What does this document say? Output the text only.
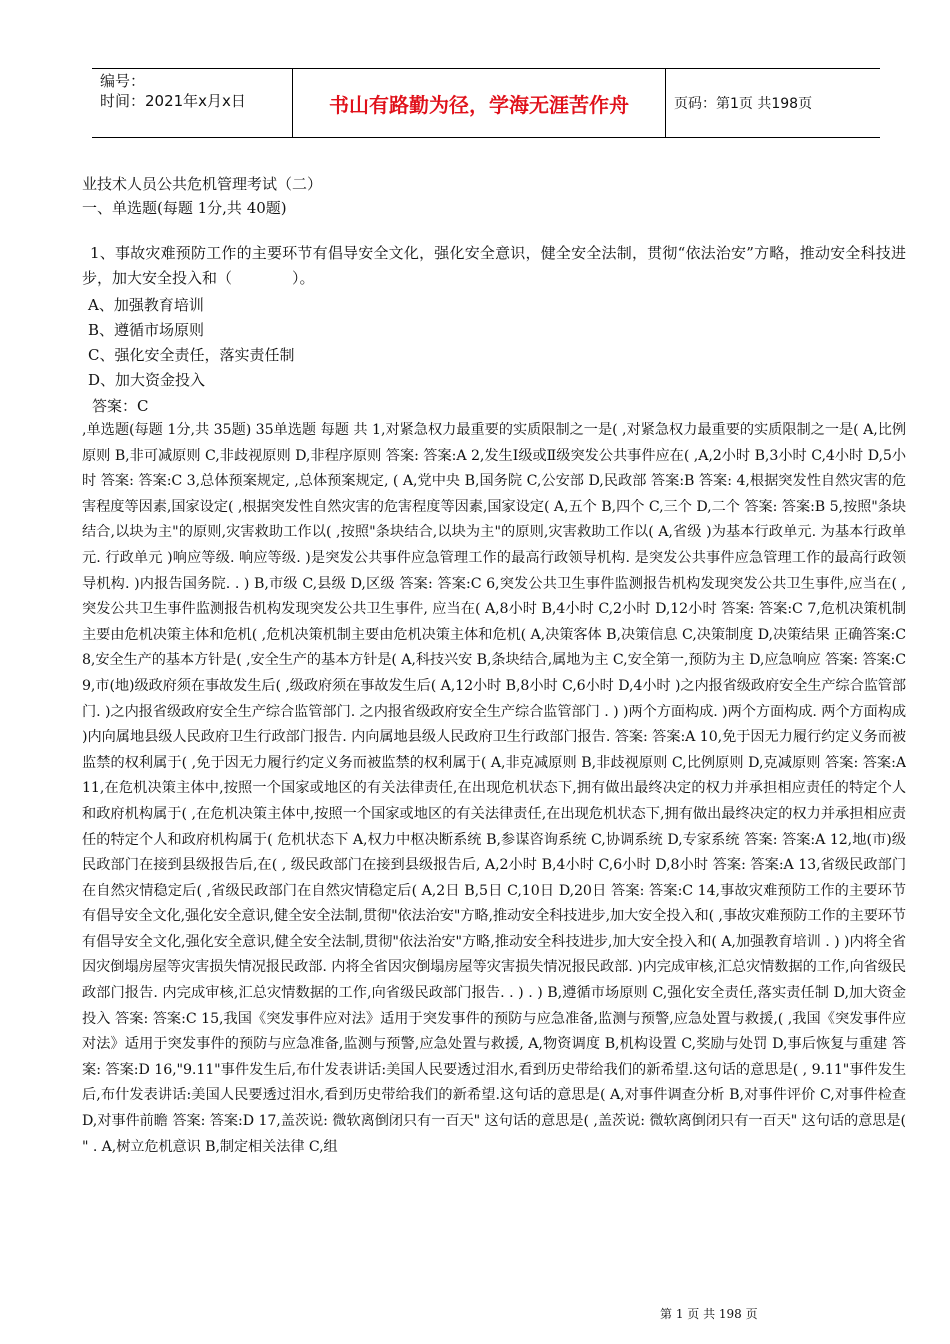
编号：
时间：2021年x月x日	书山有路勤为径，学海无涯苦作舟	页码：第1页 共198页
业技术人员公共危机管理考试（二）
一、单选题(每题 1分,共 40题)
1、事故灾难预防工作的主要环节有倡导安全文化，强化安全意识，健全安全法制，贯彻“依法治安”方略，推动安全科技进步，加大安全投入和（　　　　）。
A、加强教育培训
B、遵循市场原则
C、强化安全责任，落实责任制
D、加大资金投入
答案：C
,单选题(每题 1分,共 35题) 35单选题 每题 共 1,对紧急权力最重要的实质限制之一是( ,对紧急权力最重要的实质限制之一是( A,比例原则 B,非可减原则 C,非歧视原则 D,非程序原则 答案: 答案:A 2,发生Ⅰ级或Ⅱ级突发公共事件应在( ,A,2小时 B,3小时 C,4小时 D,5小时 答案: 答案:C 3,总体预案规定, ,总体预案规定, ( A,党中央 B,国务院 C,公安部 D,民政部 答案:B 答案: 4,根据突发性自然灾害的危害程度等因素,国家设定( ,根据突发性自然灾害的危害程度等因素,国家设定( A,五个 B,四个 C,三个 D,二个 答案: 答案:B 5,按照"条块结合,以块为主"的原则,灾害救助工作以( ,按照"条块结合,以块为主"的原则,灾害救助工作以( A,省级 )为基本行政单元. 为基本行政单元. 行政单元 )响应等级. 响应等级. )是突发公共事件应急管理工作的最高行政领导机构. 是突发公共事件应急管理工作的最高行政领导机构. )内报告国务院. . ) B,市级 C,县级 D,区级 答案: 答案:C 6,突发公共卫生事件监测报告机构发现突发公共卫生事件,应当在( , 突发公共卫生事件监测报告机构发现突发公共卫生事件, 应当在( A,8小时 B,4小时 C,2小时 D,12小时 答案: 答案:C 7,危机决策机制主要由危机决策主体和危机( ,危机决策机制主要由危机决策主体和危机( A,决策客体 B,决策信息 C,决策制度 D,决策结果 正确答案:C 8,安全生产的基本方针是( ,安全生产的基本方针是( A,科技兴安 B,条块结合,属地为主 C,安全第一,预防为主 D,应急响应 答案: 答案:C 9,市(地)级政府须在事故发生后( ,级政府须在事故发生后( A,12小时 B,8小时 C,6小时 D,4小时 )之内报省级政府安全生产综合监管部门. )之内报省级政府安全生产综合监管部门. 之内报省级政府安全生产综合监管部门 . ) )两个方面构成. )两个方面构成. 两个方面构成 )内向属地县级人民政府卫生行政部门报告. 内向属地县级人民政府卫生行政部门报告. 答案: 答案:A 10,免于因无力履行约定义务而被监禁的权利属于( ,免于因无力履行约定义务而被监禁的权利属于( A,非克减原则 B,非歧视原则 C,比例原则 D,克减原则 答案: 答案:A 11,在危机决策主体中,按照一个国家或地区的有关法律责任,在出现危机状态下,拥有做出最终决定的权力并承担相应责任的特定个人和政府机构属于( ,在危机决策主体中,按照一个国家或地区的有关法律责任,在出现危机状态下,拥有做出最终决定的权力并承担相应责任的特定个人和政府机构属于( 危机状态下 A,权力中枢决断系统 B,参谋咨询系统 C,协调系统 D,专家系统 答案: 答案:A 12,地(市)级民政部门在接到县级报告后,在( , 级民政部门在接到县级报告后, A,2小时 B,4小时 C,6小时 D,8小时 答案: 答案:A 13,省级民政部门在自然灾情稳定后( ,省级民政部门在自然灾情稳定后( A,2日 B,5日 C,10日 D,20日 答案: 答案:C 14,事故灾难预防工作的主要环节有倡导安全文化,强化安全意识,健全安全法制,贯彻"依法治安"方略,推动安全科技进步,加大安全投入和( ,事故灾难预防工作的主要环节有倡导安全文化,强化安全意识,健全安全法制,贯彻"依法治安"方略,推动安全科技进步,加大安全投入和( A,加强教育培训 . ) )内将全省因灾倒塌房屋等灾害损失情况报民政部. 内将全省因灾倒塌房屋等灾害损失情况报民政部. )内完成审核,汇总灾情数据的工作,向省级民政部门报告. 内完成审核,汇总灾情数据的工作,向省级民政部门报告. . ) . ) B,遵循市场原则 C,强化安全责任,落实责任制 D,加大资金投入 答案: 答案:C 15,我国《突发事件应对法》适用于突发事件的预防与应急准备,监测与预警,应急处置与救援,( ,我国《突发事件应对法》适用于突发事件的预防与应急准备,监测与预警,应急处置与救援, A,物资调度 B,机构设置 C,奖励与处罚 D,事后恢复与重建 答案: 答案:D 16,"9.11"事件发生后,布什发表讲话:美国人民要透过泪水,看到历史带给我们的新希望.这句话的意思是( , 9.11"事件发生后,布什发表讲话:美国人民要透过泪水,看到历史带给我们的新希望.这句话的意思是( A,对事件调查分析 B,对事件评价 C,对事件检查 D,对事件前瞻 答案: 答案:D 17,盖茨说: 微软离倒闭只有一百天" 这句话的意思是( ,盖茨说: 微软离倒闭只有一百天" 这句话的意思是( " . A,树立危机意识 B,制定相关法律 C,组
第 1 页 共 198 页
